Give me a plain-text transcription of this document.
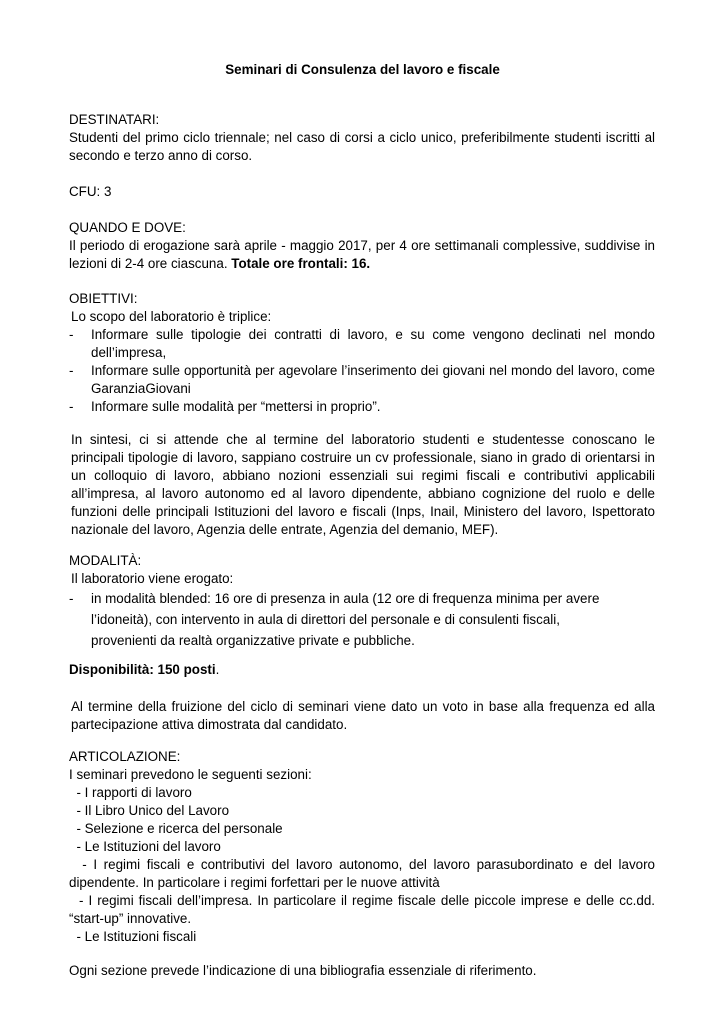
Seminari di Consulenza del lavoro e fiscale

DESTINATARI:

Studenti del primo ciclo triennale; nel caso di corsi a ciclo unico, preferibilmente studenti iscritti al secondo e terzo anno di corso.

CFU: 3

QUANDO E DOVE:

Il periodo di erogazione sarà aprile - maggio 2017, per 4 ore settimanali complessive, suddivise in lezioni di 2-4 ore ciascuna. Totale ore frontali: 16.

OBIETTIVI:

Lo scopo del laboratorio è triplice:

- Informare sulle tipologie dei contratti di lavoro, e su come vengono declinati nel mondo dell’impresa,
- Informare sulle opportunità per agevolare l’inserimento dei giovani nel mondo del lavoro, come GaranziaGiovani
- Informare sulle modalità per “mettersi in proprio”.
In sintesi, ci si attende che al termine del laboratorio studenti e studentesse conoscano le principali tipologie di lavoro, sappiano costruire un cv professionale, siano in grado di orientarsi in un colloquio di lavoro, abbiano nozioni essenziali sui regimi fiscali e contributivi applicabili all’impresa, al lavoro autonomo ed al lavoro dipendente, abbiano cognizione del ruolo e delle funzioni delle principali Istituzioni del lavoro e fiscali (Inps, Inail, Ministero del lavoro, Ispettorato nazionale del lavoro, Agenzia delle entrate, Agenzia del demanio, MEF).

MODALITÀ:

Il laboratorio viene erogato:

- in modalità blended: 16 ore di presenza in aula (12 ore di frequenza minima per avere l’idoneità), con intervento in aula di direttori del personale e di consulenti fiscali, provenienti da realtà organizzative private e pubbliche.
Disponibilità: 150 posti.
Al termine della fruizione del ciclo di seminari viene dato un voto in base alla frequenza ed alla partecipazione attiva dimostrata dal candidato.

ARTICOLAZIONE:

I seminari prevedono le seguenti sezioni:

- I rapporti di lavoro

- Il Libro Unico del Lavoro

- Selezione e ricerca del personale

- Le Istituzioni del lavoro

- I regimi fiscali e contributivi del lavoro autonomo, del lavoro parasubordinato e del lavoro dipendente. In particolare i regimi forfettari per le nuove attività

- I regimi fiscali dell’impresa. In particolare il regime fiscale delle piccole imprese e delle cc.dd. “start-up” innovative.

- Le Istituzioni fiscali

Ogni sezione prevede l’indicazione di una bibliografia essenziale di riferimento.
